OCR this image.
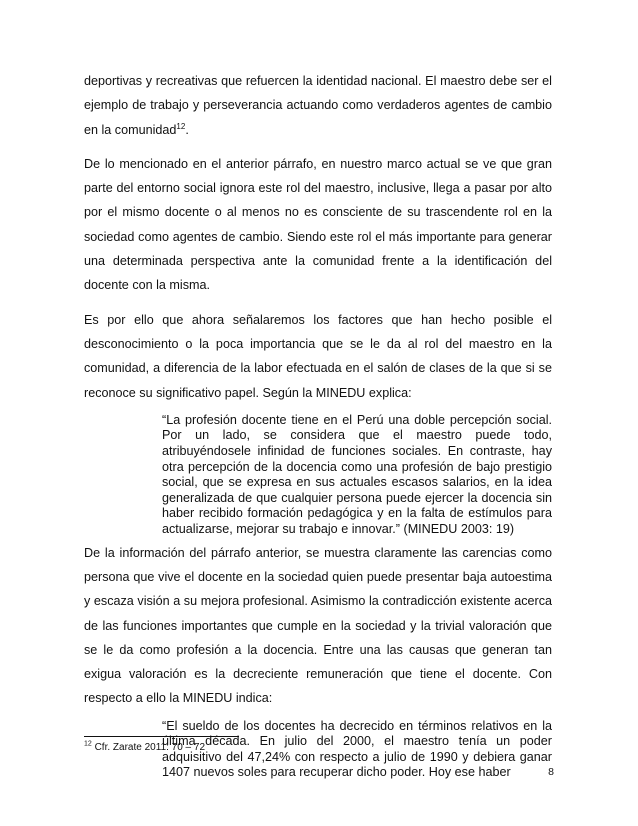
deportivas y recreativas que refuercen la identidad nacional. El maestro debe ser el ejemplo de trabajo y perseverancia actuando como verdaderos agentes de cambio en la comunidad$^{12}$.

De lo mencionado en el anterior párrafo, en nuestro marco actual se ve que gran parte del entorno social ignora este rol del maestro, inclusive, llega a pasar por alto por el mismo docente o al menos no es consciente de su trascendente rol en la sociedad como agentes de cambio. Siendo este rol el más importante para generar una determinada perspectiva ante la comunidad frente a la identificación del docente con la misma.

Es por ello que ahora señalaremos los factores que han hecho posible el desconocimiento o la poca importancia que se le da al rol del maestro en la comunidad, a diferencia de la labor efectuada en el salón de clases de la que si se reconoce su significativo papel. Según la MINEDU explica:

“La profesión docente tiene en el Perú una doble percepción social. Por un lado, se considera que el maestro puede todo, atribuyéndosele infinidad de funciones sociales. En contraste, hay otra percepción de la docencia como una profesión de bajo prestigio social, que se expresa en sus actuales escasos salarios, en la idea generalizada de que cualquier persona puede ejercer la docencia sin haber recibido formación pedagógica y en la falta de estímulos para actualizarse, mejorar su trabajo e innovar.” (MINEDU 2003: 19)

De la información del párrafo anterior, se muestra claramente las carencias como persona que vive el docente en la sociedad quien puede presentar baja autoestima y escaza visión a su mejora profesional. Asimismo la contradicción existente acerca de las funciones importantes que cumple en la sociedad y la trivial valoración que se le da como profesión a la docencia. Entre una las causas que generan tan exigua valoración es la decreciente remuneración que tiene el docente. Con respecto a ello la MINEDU indica:

“El sueldo de los docentes ha decrecido en términos relativos en la última década. En julio del 2000, el maestro tenía un poder adquisitivo del 47,24% con respecto a julio de 1990 y debiera ganar 1407 nuevos soles para recuperar dicho poder. Hoy ese haber

$^{12}$ Cfr. Zarate 2011: 70 – 72
8
